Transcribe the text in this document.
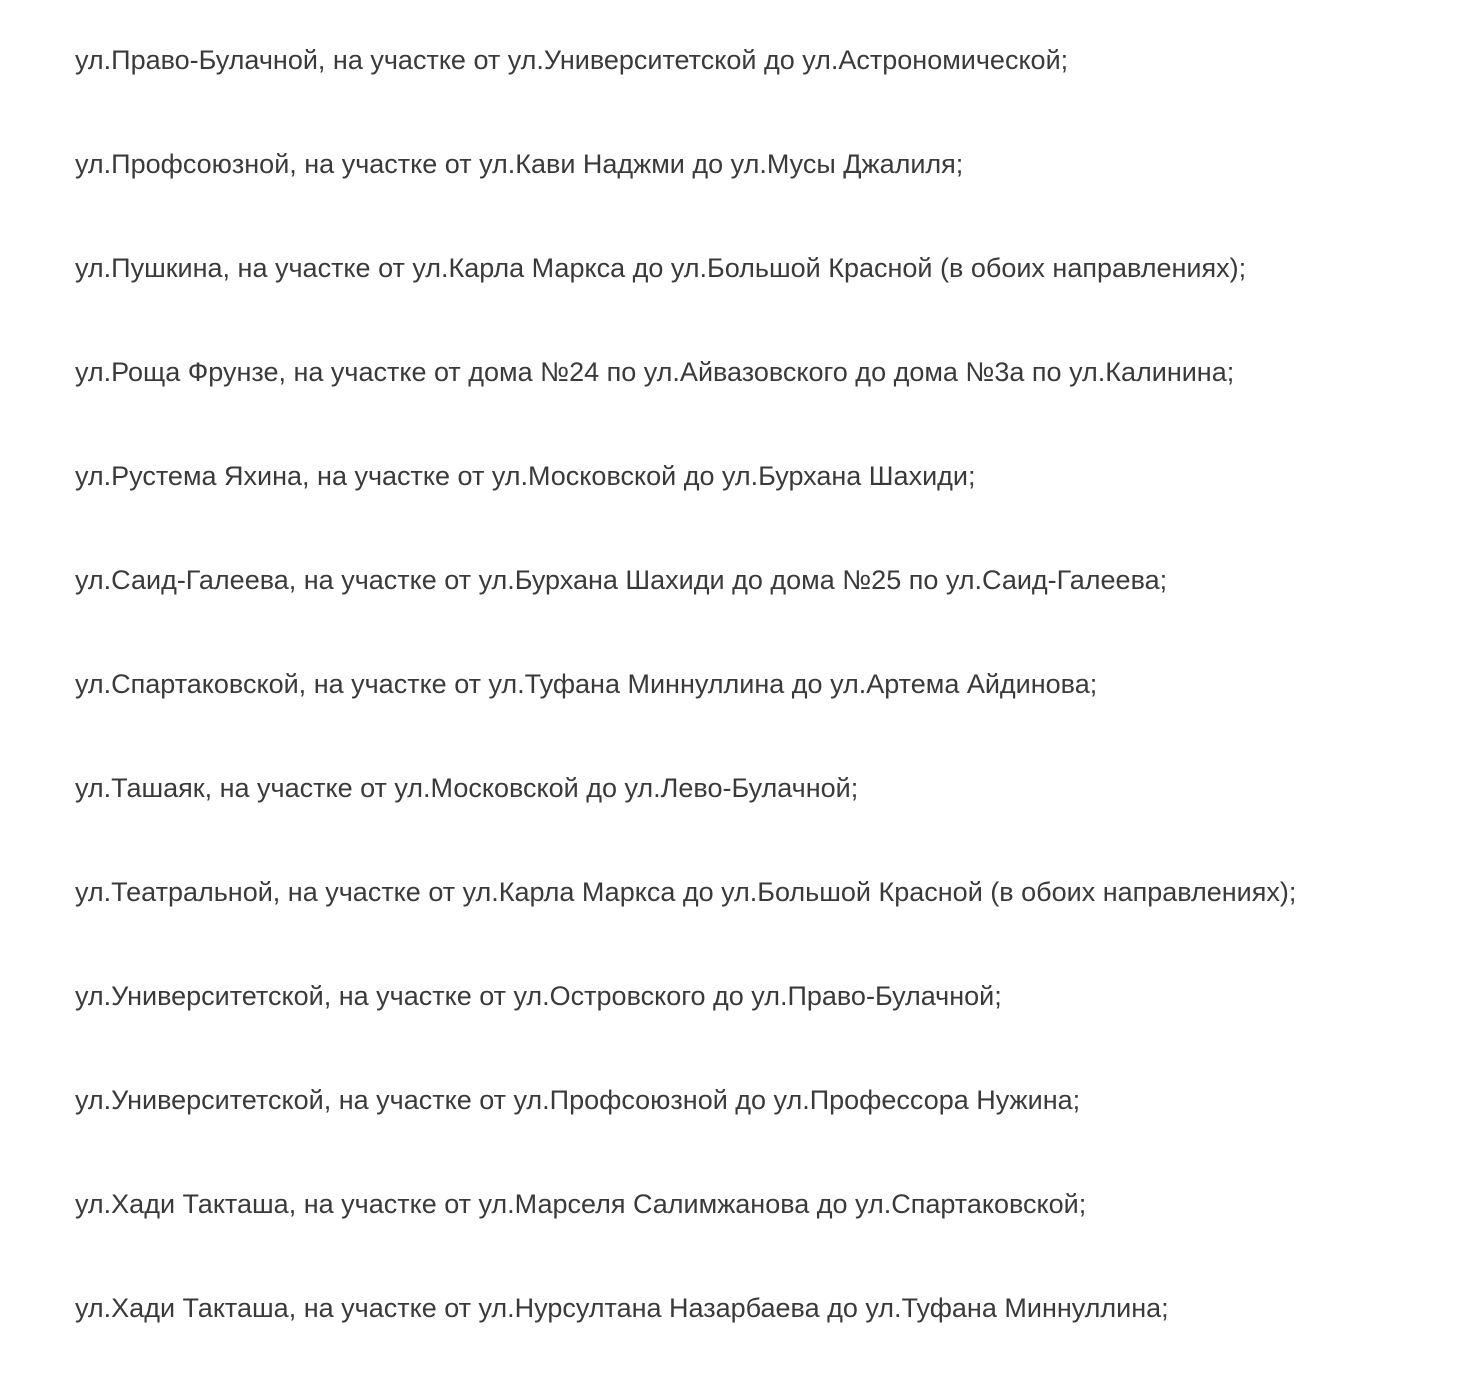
ул.Право-Булачной, на участке от ул.Университетской до ул.Астрономической;

ул.Профсоюзной, на участке от ул.Кави Наджми до ул.Мусы Джалиля;

ул.Пушкина, на участке от ул.Карла Маркса до ул.Большой Красной (в обоих направлениях);

ул.Роща Фрунзе, на участке от дома №24 по ул.Айвазовского до дома №3а по ул.Калинина;

ул.Рустема Яхина, на участке от ул.Московской до ул.Бурхана Шахиди;

ул.Саид-Галеева, на участке от ул.Бурхана Шахиди до дома №25 по ул.Саид-Галеева;

ул.Спартаковской, на участке от ул.Туфана Миннуллина до ул.Артема Айдинова;

ул.Ташаяк, на участке от ул.Московской до ул.Лево-Булачной;

ул.Театральной, на участке от ул.Карла Маркса до ул.Большой Красной (в обоих направлениях);

ул.Университетской, на участке от ул.Островского до ул.Право-Булачной;

ул.Университетской, на участке от ул.Профсоюзной до ул.Профессора Нужина;

ул.Хади Такташа, на участке от ул.Марселя Салимжанова до ул.Спартаковской;

ул.Хади Такташа, на участке от ул.Нурсултана Назарбаева до ул.Туфана Миннуллина;
